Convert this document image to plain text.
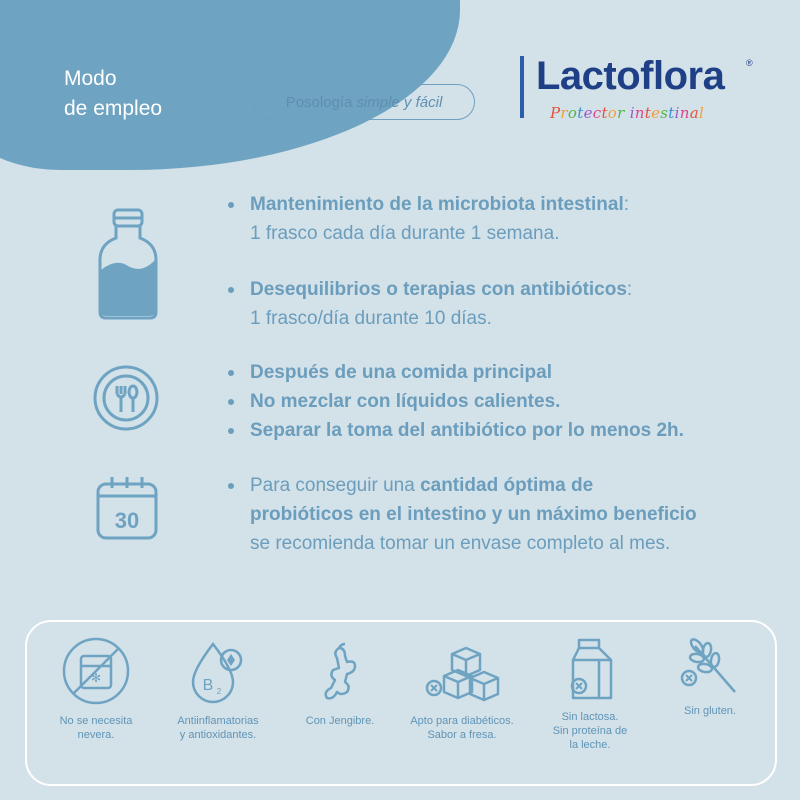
Modo
de empleo	Posología simple y fácil
Lactoflora ®
Protector intestinal
Mantenimiento de la microbiota intestinal:
1 frasco cada día durante 1 semana.
Desequilibrios o terapias con antibióticos:
1 frasco/día durante 10 días.
Después de una comida principal
No mezclar con líquidos calientes.
Separar la toma del antibiótico por lo menos 2h.
30
Para conseguir una cantidad óptima de
probióticos en el intestino y un máximo beneficio
se recomienda tomar un envase completo al mes.
✻
No se necesita
nevera.
B 2
Antiinflamatorias
y antioxidantes.
Con Jengibre.	Apto para diabéticos.
Sabor a fresa.
Sin lactosa.
Sin proteína de
la leche.
Sin gluten.
